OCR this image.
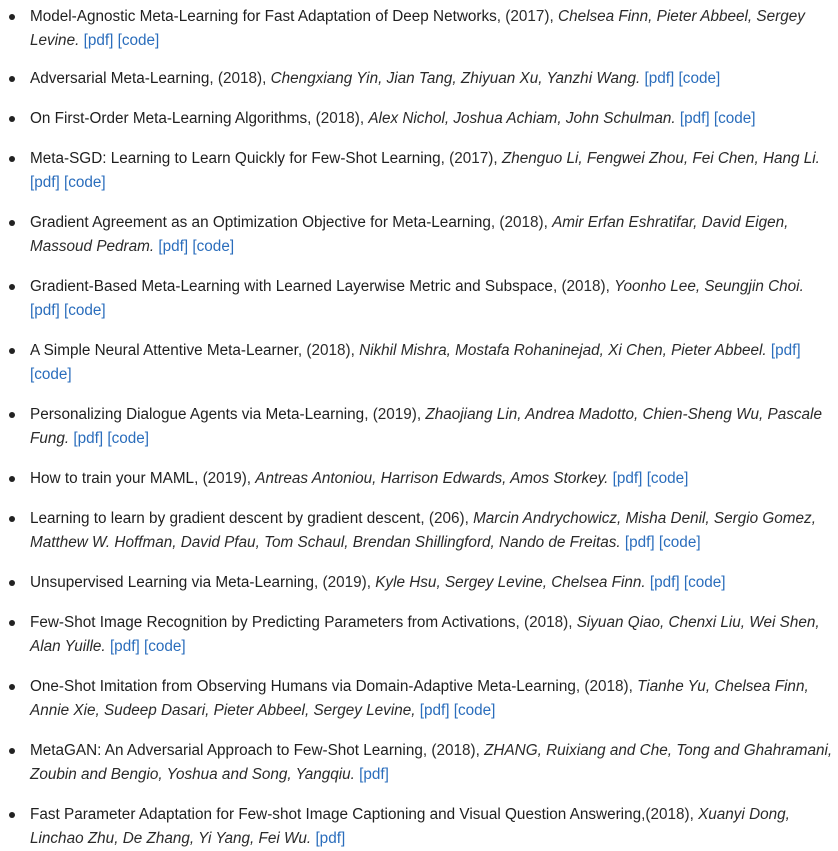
Model-Agnostic Meta-Learning for Fast Adaptation of Deep Networks, (2017), Chelsea Finn, Pieter Abbeel, Sergey Levine. [pdf] [code]
Adversarial Meta-Learning, (2018), Chengxiang Yin, Jian Tang, Zhiyuan Xu, Yanzhi Wang. [pdf] [code]
On First-Order Meta-Learning Algorithms, (2018), Alex Nichol, Joshua Achiam, John Schulman. [pdf] [code]
Meta-SGD: Learning to Learn Quickly for Few-Shot Learning, (2017), Zhenguo Li, Fengwei Zhou, Fei Chen, Hang Li. [pdf] [code]
Gradient Agreement as an Optimization Objective for Meta-Learning, (2018), Amir Erfan Eshratifar, David Eigen, Massoud Pedram. [pdf] [code]
Gradient-Based Meta-Learning with Learned Layerwise Metric and Subspace, (2018), Yoonho Lee, Seungjin Choi. [pdf] [code]
A Simple Neural Attentive Meta-Learner, (2018), Nikhil Mishra, Mostafa Rohaninejad, Xi Chen, Pieter Abbeel. [pdf] [code]
Personalizing Dialogue Agents via Meta-Learning, (2019), Zhaojiang Lin, Andrea Madotto, Chien-Sheng Wu, Pascale Fung. [pdf] [code]
How to train your MAML, (2019), Antreas Antoniou, Harrison Edwards, Amos Storkey. [pdf] [code]
Learning to learn by gradient descent by gradient descent, (206), Marcin Andrychowicz, Misha Denil, Sergio Gomez, Matthew W. Hoffman, David Pfau, Tom Schaul, Brendan Shillingford, Nando de Freitas. [pdf] [code]
Unsupervised Learning via Meta-Learning, (2019), Kyle Hsu, Sergey Levine, Chelsea Finn. [pdf] [code]
Few-Shot Image Recognition by Predicting Parameters from Activations, (2018), Siyuan Qiao, Chenxi Liu, Wei Shen, Alan Yuille. [pdf] [code]
One-Shot Imitation from Observing Humans via Domain-Adaptive Meta-Learning, (2018), Tianhe Yu, Chelsea Finn, Annie Xie, Sudeep Dasari, Pieter Abbeel, Sergey Levine, [pdf] [code]
MetaGAN: An Adversarial Approach to Few-Shot Learning, (2018), ZHANG, Ruixiang and Che, Tong and Ghahramani, Zoubin and Bengio, Yoshua and Song, Yangqiu. [pdf]
Fast Parameter Adaptation for Few-shot Image Captioning and Visual Question Answering,(2018), Xuanyi Dong, Linchao Zhu, De Zhang, Yi Yang, Fei Wu. [pdf]
